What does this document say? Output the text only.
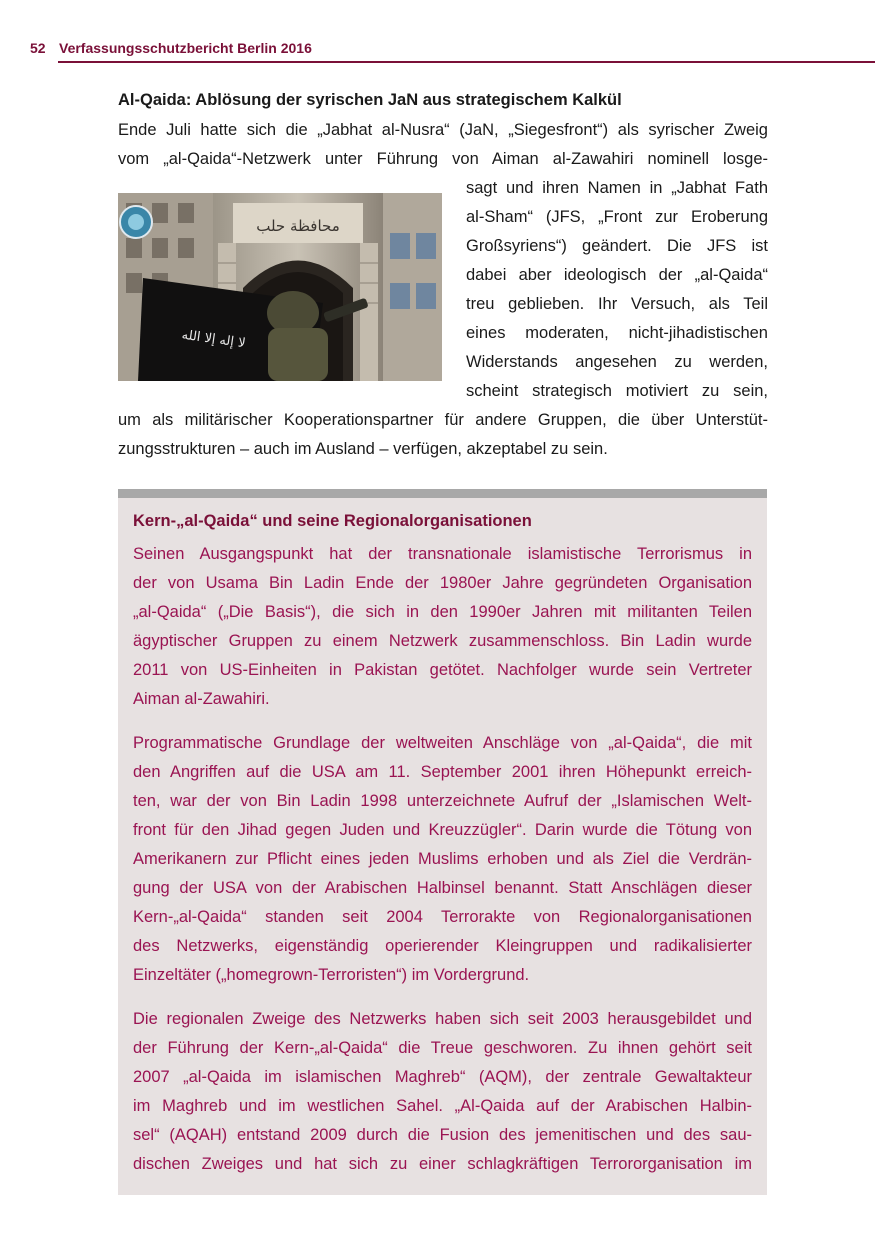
52 Verfassungsschutzbericht Berlin 2016
Al-Qaida: Ablösung der syrischen JaN aus strategischem Kalkül
Ende Juli hatte sich die „Jabhat al-Nusra“ (JaN, „Siegesfront“) als syrischer Zweig
vom „al-Qaida“-Netzwerk unter Führung von Aiman al-Zawahiri nominell losge-
sagt und ihren Namen in „Jabhat Fath
al-Sham“ (JFS, „Front zur Eroberung
Großsyriens“) geändert. Die JFS ist
dabei aber ideologisch der „al-Qaida“
treu geblieben. Ihr Versuch, als Teil
eines moderaten, nicht-jihadistischen
Widerstands angesehen zu werden,
scheint strategisch motiviert zu sein,
um als militärischer Kooperationspartner für andere Gruppen, die über Unterstüt-
zungsstrukturen – auch im Ausland – verfügen, akzeptabel zu sein.
محافظة حلب
لا إله إلا الله
Kern-„al-Qaida“ und seine Regionalorganisationen
Seinen Ausgangspunkt hat der transnationale islamistische Terrorismus in
der von Usama Bin Ladin Ende der 1980er Jahre gegründeten Organisation
„al-Qaida“ („Die Basis“), die sich in den 1990er Jahren mit militanten Teilen
ägyptischer Gruppen zu einem Netzwerk zusammenschloss. Bin Ladin wurde
2011 von US-Einheiten in Pakistan getötet. Nachfolger wurde sein Vertreter
Aiman al-Zawahiri.
Programmatische Grundlage der weltweiten Anschläge von „al-Qaida“, die mit
den Angriffen auf die USA am 11. September 2001 ihren Höhepunkt erreich-
ten, war der von Bin Ladin 1998 unterzeichnete Aufruf der „Islamischen Welt-
front für den Jihad gegen Juden und Kreuzzügler“. Darin wurde die Tötung von
Amerikanern zur Pflicht eines jeden Muslims erhoben und als Ziel die Verdrän-
gung der USA von der Arabischen Halbinsel benannt. Statt Anschlägen dieser
Kern-„al-Qaida“ standen seit 2004 Terrorakte von Regionalorganisationen
des Netzwerks, eigenständig operierender Kleingruppen und radikalisierter
Einzeltäter („homegrown-Terroristen“) im Vordergrund.
Die regionalen Zweige des Netzwerks haben sich seit 2003 herausgebildet und
der Führung der Kern-„al-Qaida“ die Treue geschworen. Zu ihnen gehört seit
2007 „al-Qaida im islamischen Maghreb“ (AQM), der zentrale Gewaltakteur
im Maghreb und im westlichen Sahel. „Al-Qaida auf der Arabischen Halbin-
sel“ (AQAH) entstand 2009 durch die Fusion des jemenitischen und des sau-
dischen Zweiges und hat sich zu einer schlagkräftigen Terrororganisation im
